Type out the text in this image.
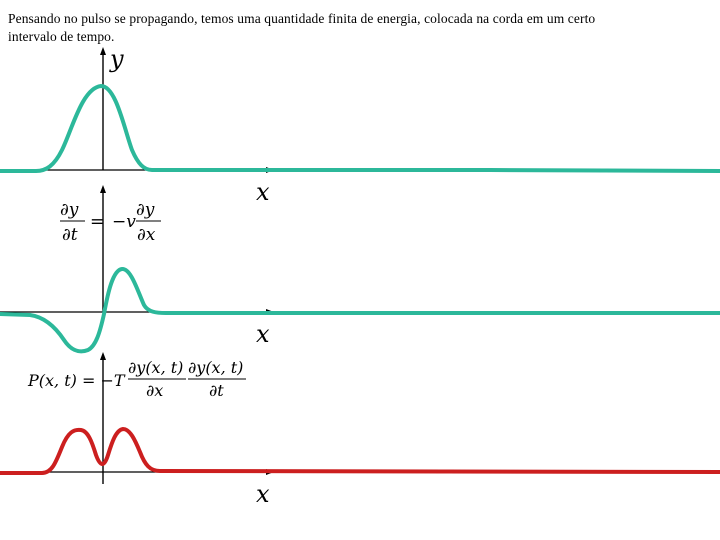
Pensando no pulso se propagando, temos uma quantidade finita de energia, colocada na corda em um certo
intervalo de tempo.
y
x
x
∂y
∂t
= −v
∂y
∂x
x
P(x, t) = −T
∂y(x, t)
∂x
∂y(x, t)
∂t
